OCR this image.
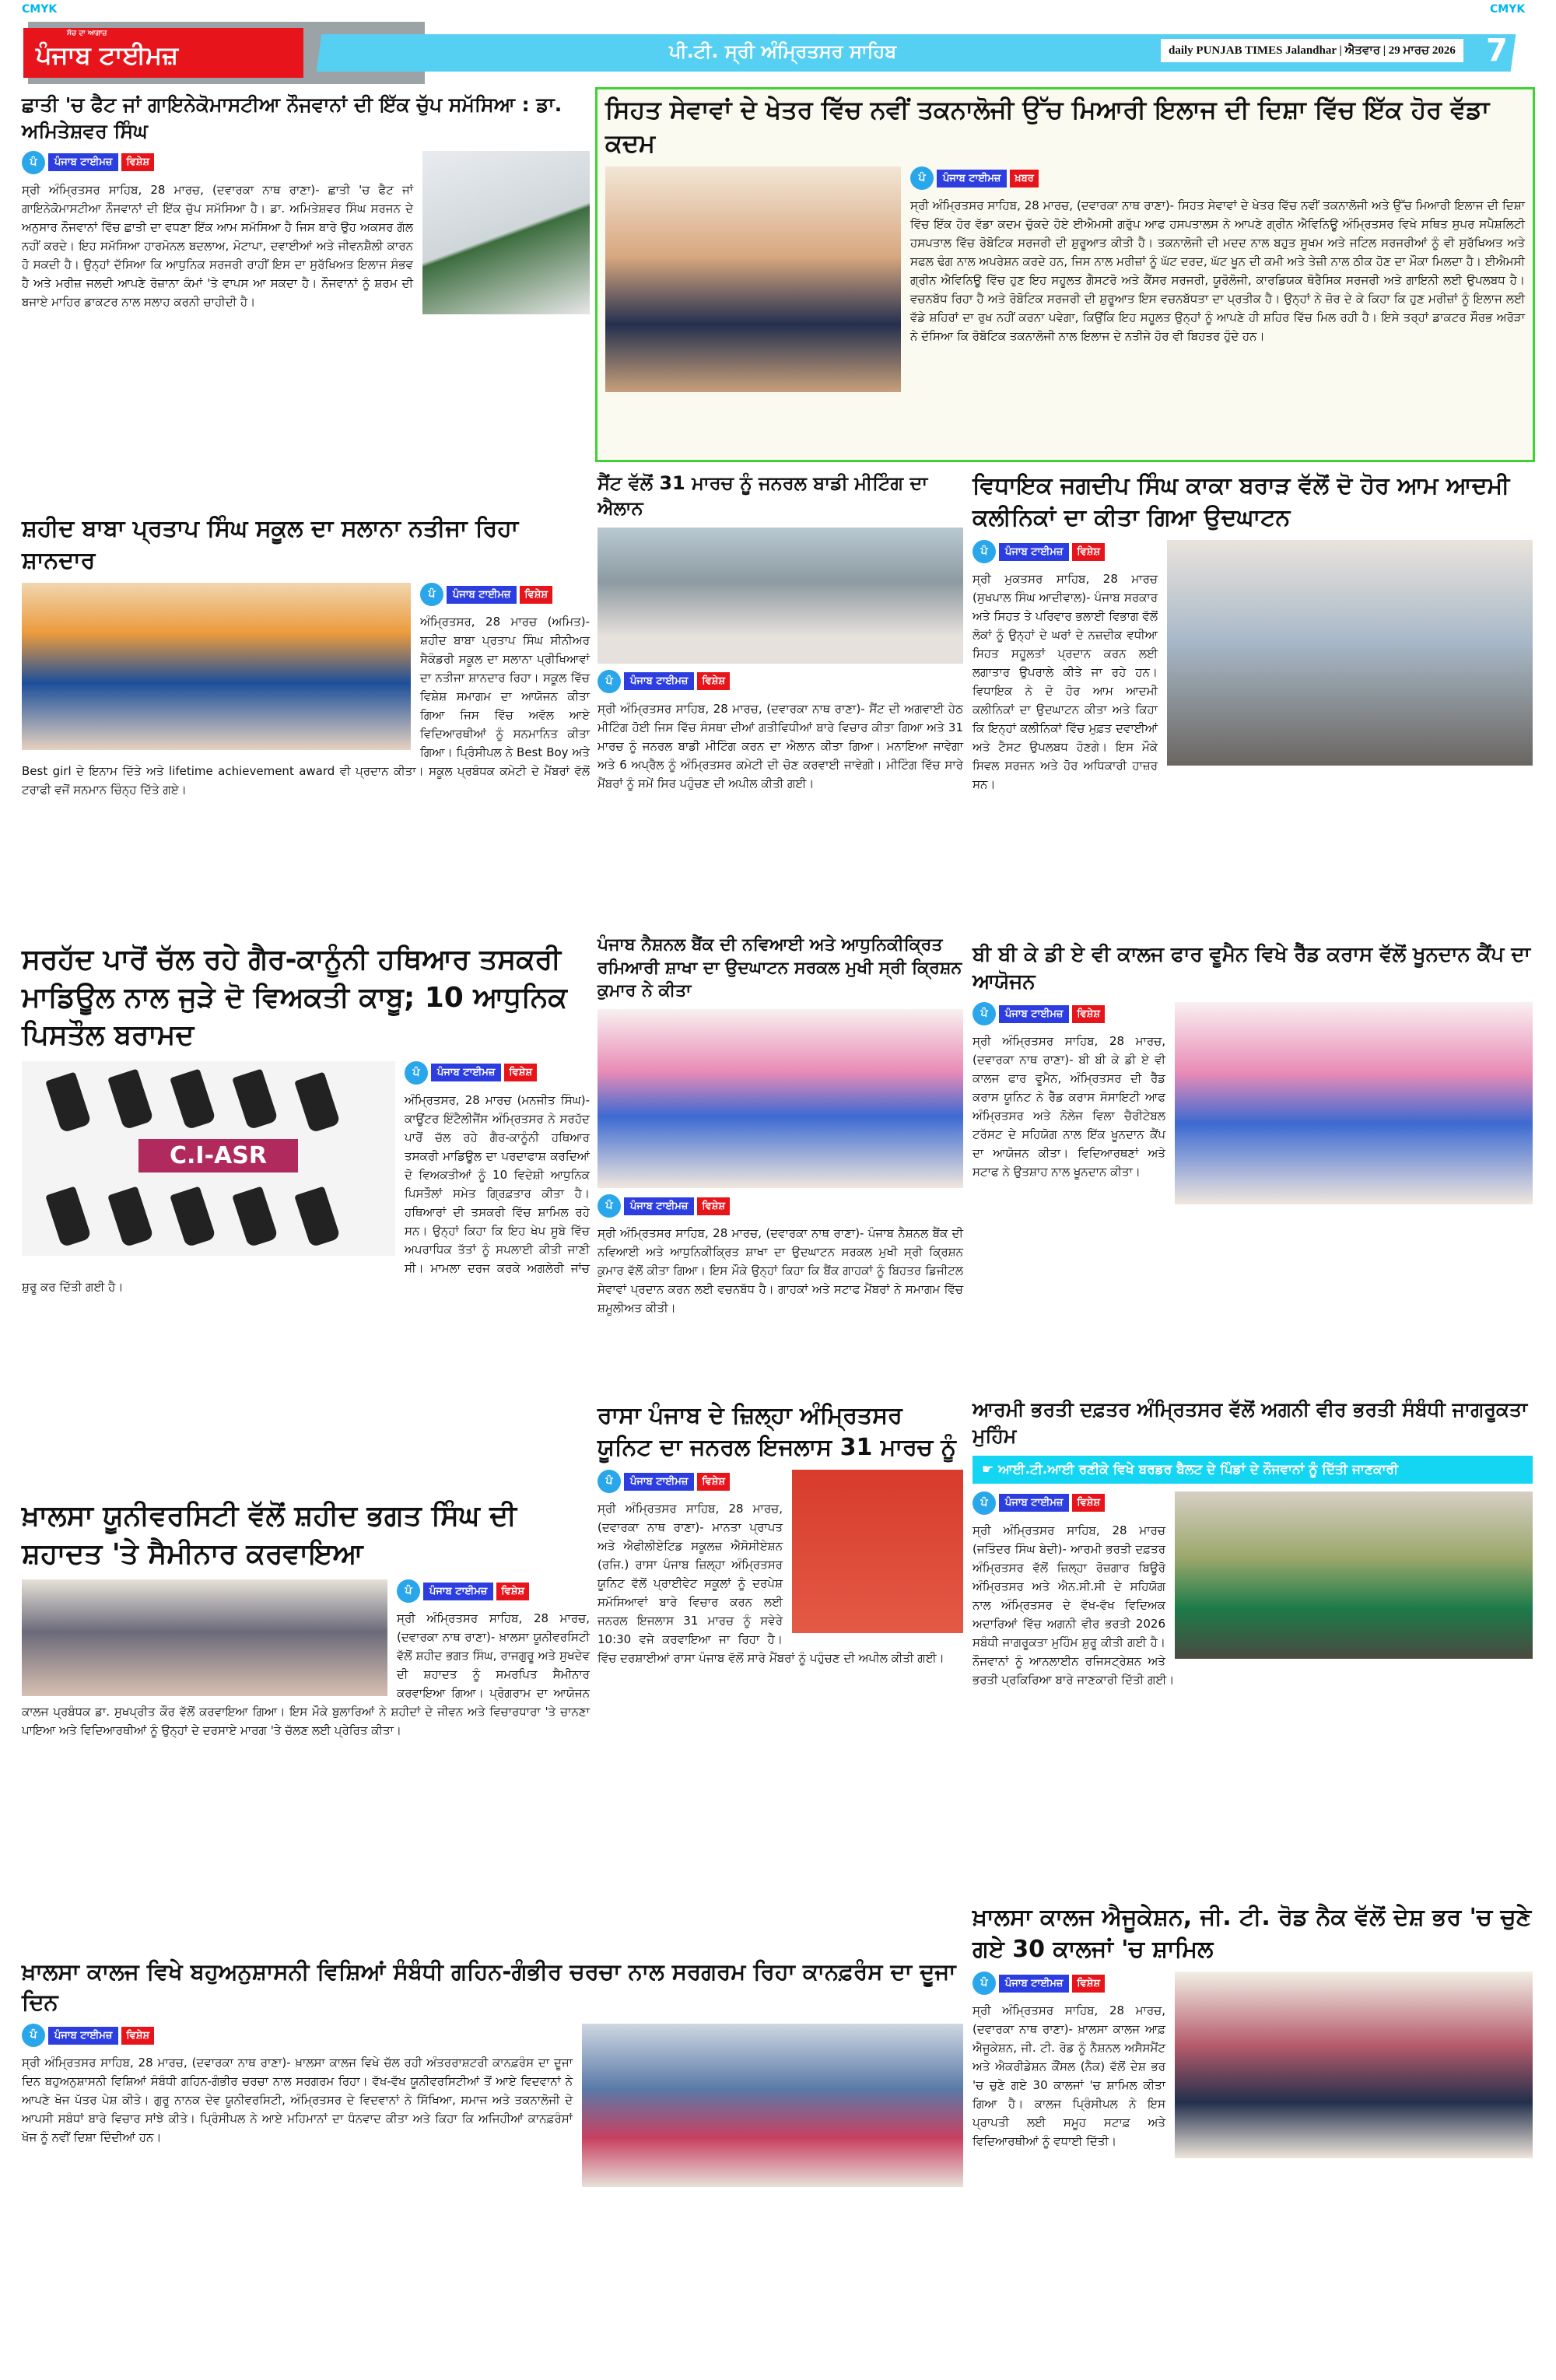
CMYK	CMYK
ਸੱਚ ਦਾ ਆਗਾਜ਼
ਪੰਜਾਬ ਟਾਈਮਜ਼	ਪੀ.ਟੀ. ਸ੍ਰੀ ਅੰਮ੍ਰਿਤਸਰ ਸਾਹਿਬ	daily PUNJAB TIMES Jalandhar | ਐਤਵਾਰ | 29 ਮਾਰਚ 2026 7
ਛਾਤੀ 'ਚ ਫੈਟ ਜਾਂ ਗਾਇਨੇਕੋਮਾਸਟੀਆ ਨੌਜਵਾਨਾਂ ਦੀ ਇੱਕ ਚੁੱਪ ਸਮੱਸਿਆ : ਡਾ. ਅਮਿਤੇਸ਼ਵਰ ਸਿੰਘ
ਪੰ	ਪੰਜਾਬ ਟਾਈਮਜ਼	ਵਿਸ਼ੇਸ਼

ਸ੍ਰੀ ਅੰਮ੍ਰਿਤਸਰ ਸਾਹਿਬ, 28 ਮਾਰਚ, (ਦਵਾਰਕਾ ਨਾਥ ਰਾਣਾ)- ਛਾਤੀ 'ਚ ਫੈਟ ਜਾਂ ਗਾਇਨੇਕੋਮਾਸਟੀਆ ਨੌਜਵਾਨਾਂ ਦੀ ਇੱਕ ਚੁੱਪ ਸਮੱਸਿਆ ਹੈ। ਡਾ. ਅਮਿਤੇਸ਼ਵਰ ਸਿੰਘ ਸਰਜਨ ਦੇ ਅਨੁਸਾਰ ਨੌਜਵਾਨਾਂ ਵਿੱਚ ਛਾਤੀ ਦਾ ਵਧਣਾ ਇੱਕ ਆਮ ਸਮੱਸਿਆ ਹੈ ਜਿਸ ਬਾਰੇ ਉਹ ਅਕਸਰ ਗੱਲ ਨਹੀਂ ਕਰਦੇ। ਇਹ ਸਮੱਸਿਆ ਹਾਰਮੋਨਲ ਬਦਲਾਅ, ਮੋਟਾਪਾ, ਦਵਾਈਆਂ ਅਤੇ ਜੀਵਨਸ਼ੈਲੀ ਕਾਰਨ ਹੋ ਸਕਦੀ ਹੈ। ਉਨ੍ਹਾਂ ਦੱਸਿਆ ਕਿ ਆਧੁਨਿਕ ਸਰਜਰੀ ਰਾਹੀਂ ਇਸ ਦਾ ਸੁਰੱਖਿਅਤ ਇਲਾਜ ਸੰਭਵ ਹੈ ਅਤੇ ਮਰੀਜ਼ ਜਲਦੀ ਆਪਣੇ ਰੋਜ਼ਾਨਾ ਕੰਮਾਂ 'ਤੇ ਵਾਪਸ ਆ ਸਕਦਾ ਹੈ। ਨੌਜਵਾਨਾਂ ਨੂੰ ਸ਼ਰਮ ਦੀ ਬਜਾਏ ਮਾਹਿਰ ਡਾਕਟਰ ਨਾਲ ਸਲਾਹ ਕਰਨੀ ਚਾਹੀਦੀ ਹੈ।

ਸਿਹਤ ਸੇਵਾਵਾਂ ਦੇ ਖੇਤਰ ਵਿੱਚ ਨਵੀਂ ਤਕਨਾਲੋਜੀ ਉੱਚ ਮਿਆਰੀ ਇਲਾਜ ਦੀ ਦਿਸ਼ਾ ਵਿੱਚ ਇੱਕ ਹੋਰ ਵੱਡਾ ਕਦਮ
ਪੰ	ਪੰਜਾਬ ਟਾਈਮਜ਼	ਖ਼ਬਰ

ਸ੍ਰੀ ਅੰਮ੍ਰਿਤਸਰ ਸਾਹਿਬ, 28 ਮਾਰਚ, (ਦਵਾਰਕਾ ਨਾਥ ਰਾਣਾ)- ਸਿਹਤ ਸੇਵਾਵਾਂ ਦੇ ਖੇਤਰ ਵਿੱਚ ਨਵੀਂ ਤਕਨਾਲੋਜੀ ਅਤੇ ਉੱਚ ਮਿਆਰੀ ਇਲਾਜ ਦੀ ਦਿਸ਼ਾ ਵਿੱਚ ਇੱਕ ਹੋਰ ਵੱਡਾ ਕਦਮ ਚੁੱਕਦੇ ਹੋਏ ਈਐਮਸੀ ਗਰੁੱਪ ਆਫ ਹਸਪਤਾਲਸ ਨੇ ਆਪਣੇ ਗ੍ਰੀਨ ਐਵਿਨਿਊ ਅੰਮ੍ਰਿਤਸਰ ਵਿਖੇ ਸਥਿਤ ਸੁਪਰ ਸਪੈਸ਼ਲਿਟੀ ਹਸਪਤਾਲ ਵਿੱਚ ਰੋਬੋਟਿਕ ਸਰਜਰੀ ਦੀ ਸ਼ੁਰੂਆਤ ਕੀਤੀ ਹੈ। ਤਕਨਾਲੋਜੀ ਦੀ ਮਦਦ ਨਾਲ ਬਹੁਤ ਸੂਖਮ ਅਤੇ ਜਟਿਲ ਸਰਜਰੀਆਂ ਨੂੰ ਵੀ ਸੁਰੱਖਿਅਤ ਅਤੇ ਸਫਲ ਢੰਗ ਨਾਲ ਅਪਰੇਸ਼ਨ ਕਰਦੇ ਹਨ, ਜਿਸ ਨਾਲ ਮਰੀਜ਼ਾਂ ਨੂੰ ਘੱਟ ਦਰਦ, ਘੱਟ ਖੂਨ ਦੀ ਕਮੀ ਅਤੇ ਤੇਜ਼ੀ ਨਾਲ ਠੀਕ ਹੋਣ ਦਾ ਮੌਕਾ ਮਿਲਦਾ ਹੈ। ਈਐਮਸੀ ਗ੍ਰੀਨ ਐਵਿਨਿਊ ਵਿੱਚ ਹੁਣ ਇਹ ਸਹੂਲਤ ਗੈਸਟਰੋ ਅਤੇ ਕੈਂਸਰ ਸਰਜਰੀ, ਯੂਰੋਲੋਜੀ, ਕਾਰਡਿਯਕ ਥੋਰੈਸਿਕ ਸਰਜਰੀ ਅਤੇ ਗਾਇਨੀ ਲਈ ਉਪਲਬਧ ਹੈ। ਵਚਨਬੱਧ ਰਿਹਾ ਹੈ ਅਤੇ ਰੋਬੋਟਿਕ ਸਰਜਰੀ ਦੀ ਸ਼ੁਰੂਆਤ ਇਸ ਵਚਨਬੱਧਤਾ ਦਾ ਪ੍ਰਤੀਕ ਹੈ। ਉਨ੍ਹਾਂ ਨੇ ਜ਼ੋਰ ਦੇ ਕੇ ਕਿਹਾ ਕਿ ਹੁਣ ਮਰੀਜ਼ਾਂ ਨੂੰ ਇਲਾਜ ਲਈ ਵੱਡੇ ਸ਼ਹਿਰਾਂ ਦਾ ਰੁਖ ਨਹੀਂ ਕਰਨਾ ਪਵੇਗਾ, ਕਿਉਂਕਿ ਇਹ ਸਹੂਲਤ ਉਨ੍ਹਾਂ ਨੂੰ ਆਪਣੇ ਹੀ ਸ਼ਹਿਰ ਵਿੱਚ ਮਿਲ ਰਹੀ ਹੈ। ਇਸੇ ਤਰ੍ਹਾਂ ਡਾਕਟਰ ਸੌਰਭ ਅਰੋੜਾ ਨੇ ਦੱਸਿਆ ਕਿ ਰੋਬੋਟਿਕ ਤਕਨਾਲੋਜੀ ਨਾਲ ਇਲਾਜ ਦੇ ਨਤੀਜੇ ਹੋਰ ਵੀ ਬਿਹਤਰ ਹੁੰਦੇ ਹਨ।

ਸ਼ਹੀਦ ਬਾਬਾ ਪ੍ਰਤਾਪ ਸਿੰਘ ਸਕੂਲ ਦਾ ਸਲਾਨਾ ਨਤੀਜਾ ਰਿਹਾ ਸ਼ਾਨਦਾਰ
ਪੰ	ਪੰਜਾਬ ਟਾਈਮਜ਼	ਵਿਸ਼ੇਸ਼

ਅੰਮ੍ਰਿਤਸਰ, 28 ਮਾਰਚ (ਅਮਿਤ)- ਸ਼ਹੀਦ ਬਾਬਾ ਪ੍ਰਤਾਪ ਸਿੰਘ ਸੀਨੀਅਰ ਸੈਕੰਡਰੀ ਸਕੂਲ ਦਾ ਸਲਾਨਾ ਪ੍ਰੀਖਿਆਵਾਂ ਦਾ ਨਤੀਜਾ ਸ਼ਾਨਦਾਰ ਰਿਹਾ। ਸਕੂਲ ਵਿੱਚ ਵਿਸ਼ੇਸ਼ ਸਮਾਗਮ ਦਾ ਆਯੋਜਨ ਕੀਤਾ ਗਿਆ ਜਿਸ ਵਿੱਚ ਅਵੱਲ ਆਏ ਵਿਦਿਆਰਥੀਆਂ ਨੂੰ ਸਨਮਾਨਿਤ ਕੀਤਾ ਗਿਆ। ਪ੍ਰਿੰਸੀਪਲ ਨੇ Best Boy ਅਤੇ Best girl ਦੇ ਇਨਾਮ ਦਿੱਤੇ ਅਤੇ lifetime achievement award ਵੀ ਪ੍ਰਦਾਨ ਕੀਤਾ। ਸਕੂਲ ਪ੍ਰਬੰਧਕ ਕਮੇਟੀ ਦੇ ਮੈਂਬਰਾਂ ਵੱਲੋਂ ਟਰਾਫੀ ਵਜੋਂ ਸਨਮਾਨ ਚਿੰਨ੍ਹ ਦਿੱਤੇ ਗਏ।

ਸੈਂਟ ਵੱਲੋਂ 31 ਮਾਰਚ ਨੂੰ ਜਨਰਲ ਬਾਡੀ ਮੀਟਿੰਗ ਦਾ ਐਲਾਨ
ਪੰ	ਪੰਜਾਬ ਟਾਈਮਜ਼	ਵਿਸ਼ੇਸ਼

ਸ੍ਰੀ ਅੰਮ੍ਰਿਤਸਰ ਸਾਹਿਬ, 28 ਮਾਰਚ, (ਦਵਾਰਕਾ ਨਾਥ ਰਾਣਾ)- ਸੈਂਟ ਦੀ ਅਗਵਾਈ ਹੇਠ ਮੀਟਿੰਗ ਹੋਈ ਜਿਸ ਵਿੱਚ ਸੰਸਥਾ ਦੀਆਂ ਗਤੀਵਿਧੀਆਂ ਬਾਰੇ ਵਿਚਾਰ ਕੀਤਾ ਗਿਆ ਅਤੇ 31 ਮਾਰਚ ਨੂੰ ਜਨਰਲ ਬਾਡੀ ਮੀਟਿੰਗ ਕਰਨ ਦਾ ਐਲਾਨ ਕੀਤਾ ਗਿਆ। ਮਨਾਇਆ ਜਾਵੇਗਾ ਅਤੇ 6 ਅਪ੍ਰੈਲ ਨੂੰ ਅੰਮ੍ਰਿਤਸਰ ਕਮੇਟੀ ਦੀ ਚੋਣ ਕਰਵਾਈ ਜਾਵੇਗੀ। ਮੀਟਿੰਗ ਵਿੱਚ ਸਾਰੇ ਮੈਂਬਰਾਂ ਨੂੰ ਸਮੇਂ ਸਿਰ ਪਹੁੰਚਣ ਦੀ ਅਪੀਲ ਕੀਤੀ ਗਈ।

ਵਿਧਾਇਕ ਜਗਦੀਪ ਸਿੰਘ ਕਾਕਾ ਬਰਾੜ ਵੱਲੋਂ ਦੋ ਹੋਰ ਆਮ ਆਦਮੀ ਕਲੀਨਿਕਾਂ ਦਾ ਕੀਤਾ ਗਿਆ ਉਦਘਾਟਨ
ਪੰ	ਪੰਜਾਬ ਟਾਈਮਜ਼	ਵਿਸ਼ੇਸ਼

ਸ੍ਰੀ ਮੁਕਤਸਰ ਸਾਹਿਬ, 28 ਮਾਰਚ (ਸੁਖਪਾਲ ਸਿੰਘ ਆਦੀਵਾਲ)- ਪੰਜਾਬ ਸਰਕਾਰ ਅਤੇ ਸਿਹਤ ਤੇ ਪਰਿਵਾਰ ਭਲਾਈ ਵਿਭਾਗ ਵੱਲੋਂ ਲੋਕਾਂ ਨੂੰ ਉਨ੍ਹਾਂ ਦੇ ਘਰਾਂ ਦੇ ਨਜ਼ਦੀਕ ਵਧੀਆ ਸਿਹਤ ਸਹੂਲਤਾਂ ਪ੍ਰਦਾਨ ਕਰਨ ਲਈ ਲਗਾਤਾਰ ਉਪਰਾਲੇ ਕੀਤੇ ਜਾ ਰਹੇ ਹਨ। ਵਿਧਾਇਕ ਨੇ ਦੋ ਹੋਰ ਆਮ ਆਦਮੀ ਕਲੀਨਿਕਾਂ ਦਾ ਉਦਘਾਟਨ ਕੀਤਾ ਅਤੇ ਕਿਹਾ ਕਿ ਇਨ੍ਹਾਂ ਕਲੀਨਿਕਾਂ ਵਿੱਚ ਮੁਫ਼ਤ ਦਵਾਈਆਂ ਅਤੇ ਟੈਸਟ ਉਪਲਬਧ ਹੋਣਗੇ। ਇਸ ਮੌਕੇ ਸਿਵਲ ਸਰਜਨ ਅਤੇ ਹੋਰ ਅਧਿਕਾਰੀ ਹਾਜ਼ਰ ਸਨ।

ਸਰਹੱਦ ਪਾਰੋਂ ਚੱਲ ਰਹੇ ਗੈਰ-ਕਾਨੂੰਨੀ ਹਥਿਆਰ ਤਸਕਰੀ ਮਾਡਿਊਲ ਨਾਲ ਜੁੜੇ ਦੋ ਵਿਅਕਤੀ ਕਾਬੂ; 10 ਆਧੁਨਿਕ ਪਿਸਤੌਲ ਬਰਾਮਦ
C.I-ASR
ਪੰ	ਪੰਜਾਬ ਟਾਈਮਜ਼	ਵਿਸ਼ੇਸ਼

ਅੰਮ੍ਰਿਤਸਰ, 28 ਮਾਰਚ (ਮਨਜੀਤ ਸਿੰਘ)- ਕਾਊਂਟਰ ਇੰਟੈਲੀਜੈਂਸ ਅੰਮ੍ਰਿਤਸਰ ਨੇ ਸਰਹੱਦ ਪਾਰੋਂ ਚੱਲ ਰਹੇ ਗੈਰ-ਕਾਨੂੰਨੀ ਹਥਿਆਰ ਤਸਕਰੀ ਮਾਡਿਊਲ ਦਾ ਪਰਦਾਫਾਸ਼ ਕਰਦਿਆਂ ਦੋ ਵਿਅਕਤੀਆਂ ਨੂੰ 10 ਵਿਦੇਸ਼ੀ ਆਧੁਨਿਕ ਪਿਸਤੌਲਾਂ ਸਮੇਤ ਗ੍ਰਿਫ਼ਤਾਰ ਕੀਤਾ ਹੈ। ਹਥਿਆਰਾਂ ਦੀ ਤਸਕਰੀ ਵਿੱਚ ਸ਼ਾਮਿਲ ਰਹੇ ਸਨ। ਉਨ੍ਹਾਂ ਕਿਹਾ ਕਿ ਇਹ ਖੇਪ ਸੂਬੇ ਵਿੱਚ ਅਪਰਾਧਿਕ ਤੱਤਾਂ ਨੂੰ ਸਪਲਾਈ ਕੀਤੀ ਜਾਣੀ ਸੀ। ਮਾਮਲਾ ਦਰਜ ਕਰਕੇ ਅਗਲੇਰੀ ਜਾਂਚ ਸ਼ੁਰੂ ਕਰ ਦਿੱਤੀ ਗਈ ਹੈ।

ਪੰਜਾਬ ਨੈਸ਼ਨਲ ਬੈਂਕ ਦੀ ਨਵਿਆਈ ਅਤੇ ਆਧੁਨਿਕੀਕ੍ਰਿਤ ਰਮਿਆਰੀ ਸ਼ਾਖਾ ਦਾ ਉਦਘਾਟਨ ਸਰਕਲ ਮੁਖੀ ਸ੍ਰੀ ਕ੍ਰਿਸ਼ਨ ਕੁਮਾਰ ਨੇ ਕੀਤਾ
ਪੰ	ਪੰਜਾਬ ਟਾਈਮਜ਼	ਵਿਸ਼ੇਸ਼

ਸ੍ਰੀ ਅੰਮ੍ਰਿਤਸਰ ਸਾਹਿਬ, 28 ਮਾਰਚ, (ਦਵਾਰਕਾ ਨਾਥ ਰਾਣਾ)- ਪੰਜਾਬ ਨੈਸ਼ਨਲ ਬੈਂਕ ਦੀ ਨਵਿਆਈ ਅਤੇ ਆਧੁਨਿਕੀਕ੍ਰਿਤ ਸ਼ਾਖਾ ਦਾ ਉਦਘਾਟਨ ਸਰਕਲ ਮੁਖੀ ਸ੍ਰੀ ਕ੍ਰਿਸ਼ਨ ਕੁਮਾਰ ਵੱਲੋਂ ਕੀਤਾ ਗਿਆ। ਇਸ ਮੌਕੇ ਉਨ੍ਹਾਂ ਕਿਹਾ ਕਿ ਬੈਂਕ ਗਾਹਕਾਂ ਨੂੰ ਬਿਹਤਰ ਡਿਜੀਟਲ ਸੇਵਾਵਾਂ ਪ੍ਰਦਾਨ ਕਰਨ ਲਈ ਵਚਨਬੱਧ ਹੈ। ਗਾਹਕਾਂ ਅਤੇ ਸਟਾਫ ਮੈਂਬਰਾਂ ਨੇ ਸਮਾਗਮ ਵਿੱਚ ਸ਼ਮੂਲੀਅਤ ਕੀਤੀ।

ਬੀ ਬੀ ਕੇ ਡੀ ਏ ਵੀ ਕਾਲਜ ਫਾਰ ਵੂਮੈਨ ਵਿਖੇ ਰੈੱਡ ਕਰਾਸ ਵੱਲੋਂ ਖੂਨਦਾਨ ਕੈਂਪ ਦਾ ਆਯੋਜਨ
ਪੰ	ਪੰਜਾਬ ਟਾਈਮਜ਼	ਵਿਸ਼ੇਸ਼

ਸ੍ਰੀ ਅੰਮ੍ਰਿਤਸਰ ਸਾਹਿਬ, 28 ਮਾਰਚ, (ਦਵਾਰਕਾ ਨਾਥ ਰਾਣਾ)- ਬੀ ਬੀ ਕੇ ਡੀ ਏ ਵੀ ਕਾਲਜ ਫਾਰ ਵੂਮੈਨ, ਅੰਮ੍ਰਿਤਸਰ ਦੀ ਰੈੱਡ ਕਰਾਸ ਯੂਨਿਟ ਨੇ ਰੈੱਡ ਕਰਾਸ ਸੋਸਾਇਟੀ ਆਫ ਅੰਮ੍ਰਿਤਸਰ ਅਤੇ ਨੋਲੇਜ ਵਿਲਾ ਚੈਰੀਟੇਬਲ ਟਰੱਸਟ ਦੇ ਸਹਿਯੋਗ ਨਾਲ ਇੱਕ ਖੂਨਦਾਨ ਕੈਂਪ ਦਾ ਆਯੋਜਨ ਕੀਤਾ। ਵਿਦਿਆਰਥਣਾਂ ਅਤੇ ਸਟਾਫ ਨੇ ਉਤਸ਼ਾਹ ਨਾਲ ਖੂਨਦਾਨ ਕੀਤਾ।

ਰਾਸਾ ਪੰਜਾਬ ਦੇ ਜ਼ਿਲ੍ਹਾ ਅੰਮ੍ਰਿਤਸਰ ਯੂਨਿਟ ਦਾ ਜਨਰਲ ਇਜਲਾਸ 31 ਮਾਰਚ ਨੂੰ
ਪੰ	ਪੰਜਾਬ ਟਾਈਮਜ਼	ਵਿਸ਼ੇਸ਼

ਸ੍ਰੀ ਅੰਮ੍ਰਿਤਸਰ ਸਾਹਿਬ, 28 ਮਾਰਚ, (ਦਵਾਰਕਾ ਨਾਥ ਰਾਣਾ)- ਮਾਨਤਾ ਪ੍ਰਾਪਤ ਅਤੇ ਐਫੀਲੀਏਟਿਡ ਸਕੂਲਜ਼ ਐਸੋਸੀਏਸ਼ਨ (ਰਜਿ.) ਰਾਸਾ ਪੰਜਾਬ ਜ਼ਿਲ੍ਹਾ ਅੰਮ੍ਰਿਤਸਰ ਯੂਨਿਟ ਵੱਲੋਂ ਪ੍ਰਾਈਵੇਟ ਸਕੂਲਾਂ ਨੂੰ ਦਰਪੇਸ਼ ਸਮੱਸਿਆਵਾਂ ਬਾਰੇ ਵਿਚਾਰ ਕਰਨ ਲਈ ਜਨਰਲ ਇਜਲਾਸ 31 ਮਾਰਚ ਨੂੰ ਸਵੇਰੇ 10:30 ਵਜੇ ਕਰਵਾਇਆ ਜਾ ਰਿਹਾ ਹੈ। ਵਿੱਚ ਦਰਸ਼ਾਈਆਂ ਰਾਸਾ ਪੰਜਾਬ ਵੱਲੋਂ ਸਾਰੇ ਮੈਂਬਰਾਂ ਨੂੰ ਪਹੁੰਚਣ ਦੀ ਅਪੀਲ ਕੀਤੀ ਗਈ।

ਆਰਮੀ ਭਰਤੀ ਦਫ਼ਤਰ ਅੰਮ੍ਰਿਤਸਰ ਵੱਲੋਂ ਅਗਨੀ ਵੀਰ ਭਰਤੀ ਸੰਬੰਧੀ ਜਾਗਰੂਕਤਾ ਮੁਹਿੰਮ
☛ ਆਈ.ਟੀ.ਆਈ ਰਣੀਕੇ ਵਿਖੇ ਬਰਡਰ ਬੈਲਟ ਦੇ ਪਿੰਡਾਂ ਦੇ ਨੌਜਵਾਨਾਂ ਨੂੰ ਦਿੱਤੀ ਜਾਣਕਾਰੀ
ਪੰ	ਪੰਜਾਬ ਟਾਈਮਜ਼	ਵਿਸ਼ੇਸ਼

ਸ੍ਰੀ ਅੰਮ੍ਰਿਤਸਰ ਸਾਹਿਬ, 28 ਮਾਰਚ (ਜਤਿੰਦਰ ਸਿੰਘ ਬੇਦੀ)- ਆਰਮੀ ਭਰਤੀ ਦਫ਼ਤਰ ਅੰਮ੍ਰਿਤਸਰ ਵੱਲੋਂ ਜ਼ਿਲ੍ਹਾ ਰੋਜ਼ਗਾਰ ਬਿਊਰੋ ਅੰਮ੍ਰਿਤਸਰ ਅਤੇ ਐਨ.ਸੀ.ਸੀ ਦੇ ਸਹਿਯੋਗ ਨਾਲ ਅੰਮ੍ਰਿਤਸਰ ਦੇ ਵੱਖ-ਵੱਖ ਵਿਦਿਅਕ ਅਦਾਰਿਆਂ ਵਿੱਚ ਅਗਨੀ ਵੀਰ ਭਰਤੀ 2026 ਸਬੰਧੀ ਜਾਗਰੂਕਤਾ ਮੁਹਿੰਮ ਸ਼ੁਰੂ ਕੀਤੀ ਗਈ ਹੈ। ਨੌਜਵਾਨਾਂ ਨੂੰ ਆਨਲਾਈਨ ਰਜਿਸਟ੍ਰੇਸ਼ਨ ਅਤੇ ਭਰਤੀ ਪ੍ਰਕਿਰਿਆ ਬਾਰੇ ਜਾਣਕਾਰੀ ਦਿੱਤੀ ਗਈ।

ਖ਼ਾਲਸਾ ਯੂਨੀਵਰਸਿਟੀ ਵੱਲੋਂ ਸ਼ਹੀਦ ਭਗਤ ਸਿੰਘ ਦੀ ਸ਼ਹਾਦਤ 'ਤੇ ਸੈਮੀਨਾਰ ਕਰਵਾਇਆ
ਪੰ	ਪੰਜਾਬ ਟਾਈਮਜ਼	ਵਿਸ਼ੇਸ਼

ਸ੍ਰੀ ਅੰਮ੍ਰਿਤਸਰ ਸਾਹਿਬ, 28 ਮਾਰਚ, (ਦਵਾਰਕਾ ਨਾਥ ਰਾਣਾ)- ਖ਼ਾਲਸਾ ਯੂਨੀਵਰਸਿਟੀ ਵੱਲੋਂ ਸ਼ਹੀਦ ਭਗਤ ਸਿੰਘ, ਰਾਜਗੁਰੂ ਅਤੇ ਸੁਖਦੇਵ ਦੀ ਸ਼ਹਾਦਤ ਨੂੰ ਸਮਰਪਿਤ ਸੈਮੀਨਾਰ ਕਰਵਾਇਆ ਗਿਆ। ਪ੍ਰੋਗਰਾਮ ਦਾ ਆਯੋਜਨ ਕਾਲਜ ਪ੍ਰਬੰਧਕ ਡਾ. ਸੁਖਪ੍ਰੀਤ ਕੌਰ ਵੱਲੋਂ ਕਰਵਾਇਆ ਗਿਆ। ਇਸ ਮੌਕੇ ਬੁਲਾਰਿਆਂ ਨੇ ਸ਼ਹੀਦਾਂ ਦੇ ਜੀਵਨ ਅਤੇ ਵਿਚਾਰਧਾਰਾ 'ਤੇ ਚਾਨਣਾ ਪਾਇਆ ਅਤੇ ਵਿਦਿਆਰਥੀਆਂ ਨੂੰ ਉਨ੍ਹਾਂ ਦੇ ਦਰਸਾਏ ਮਾਰਗ 'ਤੇ ਚੱਲਣ ਲਈ ਪ੍ਰੇਰਿਤ ਕੀਤਾ।

ਖ਼ਾਲਸਾ ਕਾਲਜ ਐਜੂਕੇਸ਼ਨ, ਜੀ. ਟੀ. ਰੋਡ ਨੈਕ ਵੱਲੋਂ ਦੇਸ਼ ਭਰ 'ਚ ਚੁਣੇ ਗਏ 30 ਕਾਲਜਾਂ 'ਚ ਸ਼ਾਮਿਲ
ਪੰ	ਪੰਜਾਬ ਟਾਈਮਜ਼	ਵਿਸ਼ੇਸ਼

ਸ੍ਰੀ ਅੰਮ੍ਰਿਤਸਰ ਸਾਹਿਬ, 28 ਮਾਰਚ, (ਦਵਾਰਕਾ ਨਾਥ ਰਾਣਾ)- ਖ਼ਾਲਸਾ ਕਾਲਜ ਆਫ਼ ਐਜੂਕੇਸ਼ਨ, ਜੀ. ਟੀ. ਰੋਡ ਨੂੰ ਨੈਸ਼ਨਲ ਅਸੈਸਮੈਂਟ ਅਤੇ ਐਕਰੀਡੇਸ਼ਨ ਕੌਂਸਲ (ਨੈਕ) ਵੱਲੋਂ ਦੇਸ਼ ਭਰ 'ਚ ਚੁਣੇ ਗਏ 30 ਕਾਲਜਾਂ 'ਚ ਸ਼ਾਮਿਲ ਕੀਤਾ ਗਿਆ ਹੈ। ਕਾਲਜ ਪ੍ਰਿੰਸੀਪਲ ਨੇ ਇਸ ਪ੍ਰਾਪਤੀ ਲਈ ਸਮੂਹ ਸਟਾਫ਼ ਅਤੇ ਵਿਦਿਆਰਥੀਆਂ ਨੂੰ ਵਧਾਈ ਦਿੱਤੀ।

ਖ਼ਾਲਸਾ ਕਾਲਜ ਵਿਖੇ ਬਹੁਅਨੁਸ਼ਾਸਨੀ ਵਿਸ਼ਿਆਂ ਸੰਬੰਧੀ ਗਹਿਨ-ਗੰਭੀਰ ਚਰਚਾ ਨਾਲ ਸਰਗਰਮ ਰਿਹਾ ਕਾਨਫ਼ਰੰਸ ਦਾ ਦੂਜਾ ਦਿਨ
ਪੰ	ਪੰਜਾਬ ਟਾਈਮਜ਼	ਵਿਸ਼ੇਸ਼

ਸ੍ਰੀ ਅੰਮ੍ਰਿਤਸਰ ਸਾਹਿਬ, 28 ਮਾਰਚ, (ਦਵਾਰਕਾ ਨਾਥ ਰਾਣਾ)- ਖ਼ਾਲਸਾ ਕਾਲਜ ਵਿਖੇ ਚੱਲ ਰਹੀ ਅੰਤਰਰਾਸ਼ਟਰੀ ਕਾਨਫ਼ਰੰਸ ਦਾ ਦੂਜਾ ਦਿਨ ਬਹੁਅਨੁਸ਼ਾਸਨੀ ਵਿਸ਼ਿਆਂ ਸੰਬੰਧੀ ਗਹਿਨ-ਗੰਭੀਰ ਚਰਚਾ ਨਾਲ ਸਰਗਰਮ ਰਿਹਾ। ਵੱਖ-ਵੱਖ ਯੂਨੀਵਰਸਿਟੀਆਂ ਤੋਂ ਆਏ ਵਿਦਵਾਨਾਂ ਨੇ ਆਪਣੇ ਖੋਜ ਪੱਤਰ ਪੇਸ਼ ਕੀਤੇ। ਗੁਰੂ ਨਾਨਕ ਦੇਵ ਯੂਨੀਵਰਸਿਟੀ, ਅੰਮ੍ਰਿਤਸਰ ਦੇ ਵਿਦਵਾਨਾਂ ਨੇ ਸਿੱਖਿਆ, ਸਮਾਜ ਅਤੇ ਤਕਨਾਲੋਜੀ ਦੇ ਆਪਸੀ ਸਬੰਧਾਂ ਬਾਰੇ ਵਿਚਾਰ ਸਾਂਝੇ ਕੀਤੇ। ਪ੍ਰਿੰਸੀਪਲ ਨੇ ਆਏ ਮਹਿਮਾਨਾਂ ਦਾ ਧੰਨਵਾਦ ਕੀਤਾ ਅਤੇ ਕਿਹਾ ਕਿ ਅਜਿਹੀਆਂ ਕਾਨਫ਼ਰੰਸਾਂ ਖੋਜ ਨੂੰ ਨਵੀਂ ਦਿਸ਼ਾ ਦਿੰਦੀਆਂ ਹਨ।
